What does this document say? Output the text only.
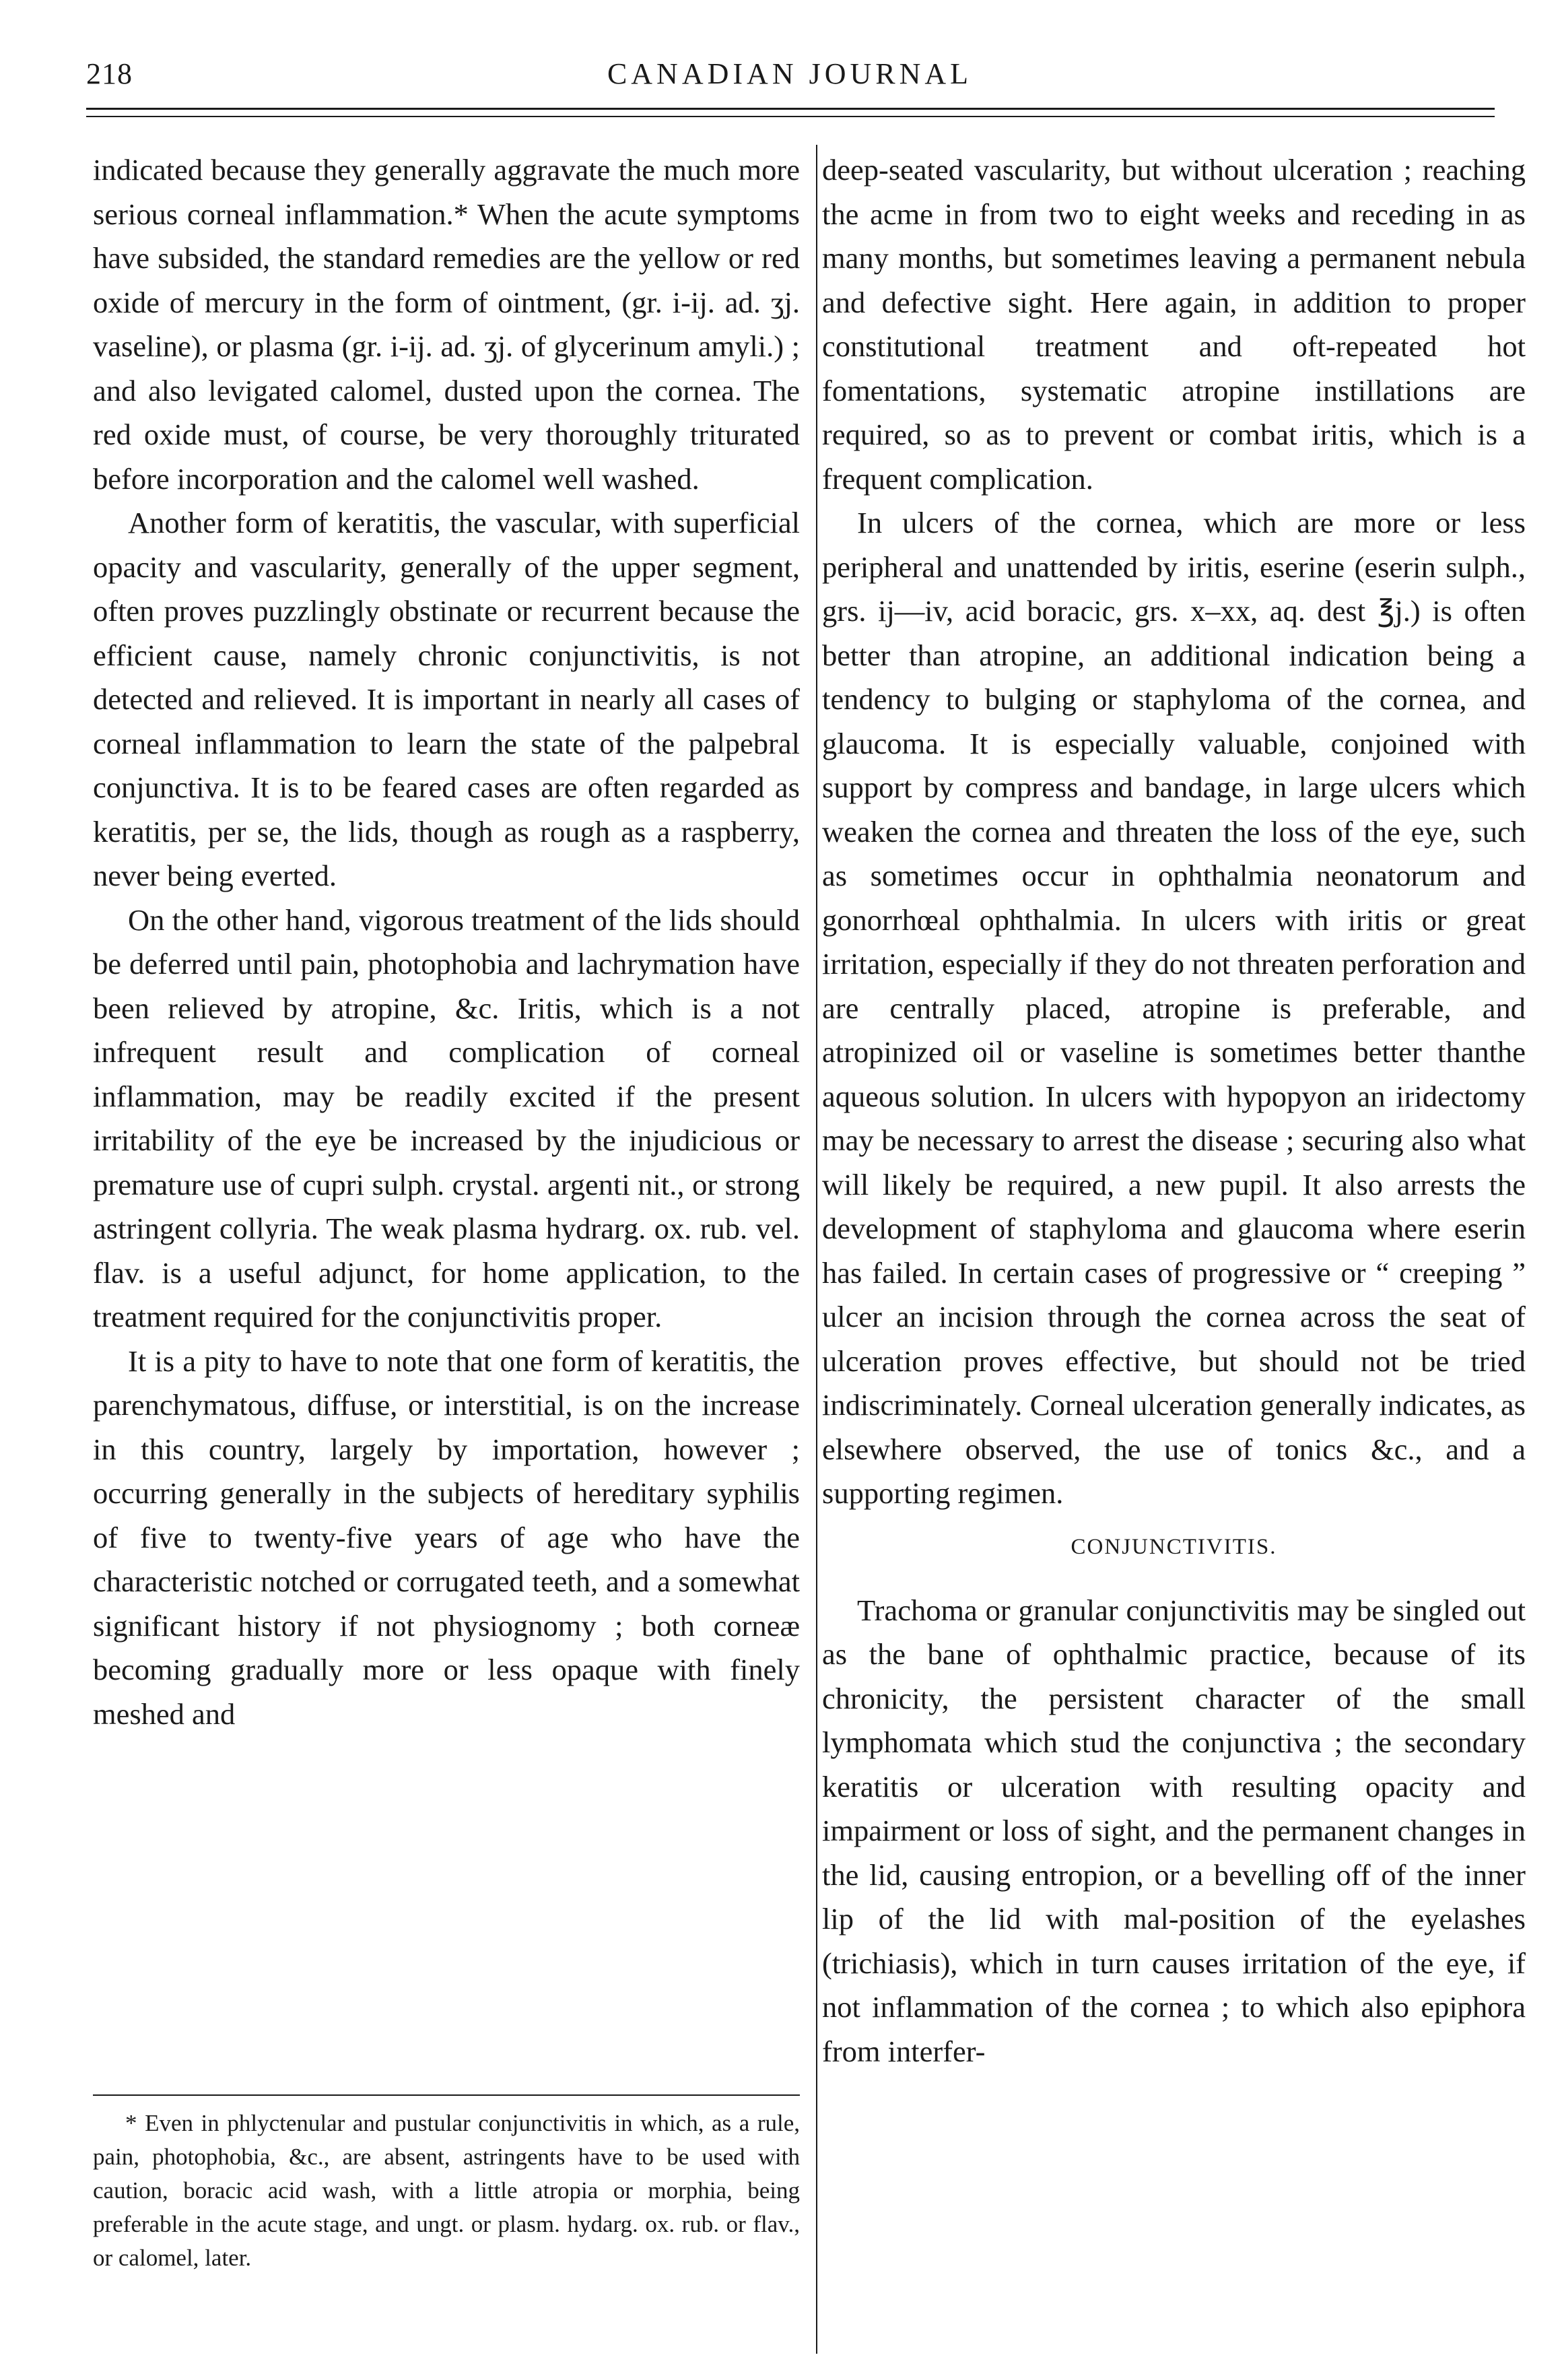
218	CANADIAN JOURNAL

indicated because they generally aggravate the much more serious corneal inflammation.* When the acute symptoms have subsided, the standard remedies are the yellow or red oxide of mercury in the form of ointment, (gr. i-ij. ad. ʒj. vaseline), or plasma (gr. i-ij. ad. ʒj. of glycerinum amyli.) ; and also levigated calomel, dusted upon the cornea. The red oxide must, of course, be very thoroughly triturated before incorporation and the calomel well washed.

Another form of keratitis, the vascular, with superficial opacity and vascularity, generally of the upper segment, often proves puzzlingly obstinate or recurrent because the efficient cause, namely chronic conjunctivitis, is not detected and relieved. It is important in nearly all cases of corneal inflammation to learn the state of the palpebral conjunctiva. It is to be feared cases are often regarded as keratitis, per se, the lids, though as rough as a raspberry, never being everted.

On the other hand, vigorous treatment of the lids should be deferred until pain, photophobia and lachrymation have been relieved by atropine, &c. Iritis, which is a not infrequent result and complication of corneal inflammation, may be readily excited if the present irritability of the eye be increased by the injudicious or premature use of cupri sulph. crystal. argenti nit., or strong astringent collyria. The weak plasma hydrarg. ox. rub. vel. flav. is a useful adjunct, for home application, to the treatment required for the conjunctivitis proper.

It is a pity to have to note that one form of keratitis, the parenchymatous, diffuse, or interstitial, is on the increase in this country, largely by importation, however ; occurring generally in the subjects of hereditary syphilis of five to twenty-five years of age who have the characteristic notched or corrugated teeth, and a somewhat significant history if not physiognomy ; both corneæ becoming gradually more or less opaque with finely meshed and

* Even in phlyctenular and pustular conjunctivitis in which, as a rule, pain, photophobia, &c., are absent, astringents have to be used with caution, boracic acid wash, with a little atropia or morphia, being preferable in the acute stage, and ungt. or plasm. hydarg. ox. rub. or flav., or calomel, later.

deep-seated vascularity, but without ulceration ; reaching the acme in from two to eight weeks and receding in as many months, but sometimes leaving a permanent nebula and defective sight. Here again, in addition to proper constitutional treatment and oft-repeated hot fomentations, systematic atropine instillations are required, so as to prevent or combat iritis, which is a frequent complication.

In ulcers of the cornea, which are more or less peripheral and unattended by iritis, eserine (eserin sulph., grs. ij—iv, acid boracic, grs. x–xx, aq. dest ℥j.) is often better than atropine, an additional indication being a tendency to bulging or staphyloma of the cornea, and glaucoma. It is especially valuable, conjoined with support by compress and bandage, in large ulcers which weaken the cornea and threaten the loss of the eye, such as sometimes occur in ophthalmia neonatorum and gonorrhœal ophthalmia. In ulcers with iritis or great irritation, especially if they do not threaten perforation and are centrally placed, atropine is preferable, and atropinized oil or vaseline is sometimes better thanthe aqueous solution. In ulcers with hypopyon an iridectomy may be necessary to arrest the disease ; securing also what will likely be required, a new pupil. It also arrests the development of staphyloma and glaucoma where eserin has failed. In certain cases of progressive or “ creeping ” ulcer an incision through the cornea across the seat of ulceration proves effective, but should not be tried indiscriminately. Corneal ulceration generally indicates, as elsewhere observed, the use of tonics &c., and a supporting regimen.

CONJUNCTIVITIS.

Trachoma or granular conjunctivitis may be singled out as the bane of ophthalmic practice, because of its chronicity, the persistent character of the small lymphomata which stud the conjunctiva ; the secondary keratitis or ulceration with resulting opacity and impairment or loss of sight, and the permanent changes in the lid, causing entropion, or a bevelling off of the inner lip of the lid with mal-position of the eyelashes (trichiasis), which in turn causes irritation of the eye, if not inflammation of the cornea ; to which also epiphora from interfer-
